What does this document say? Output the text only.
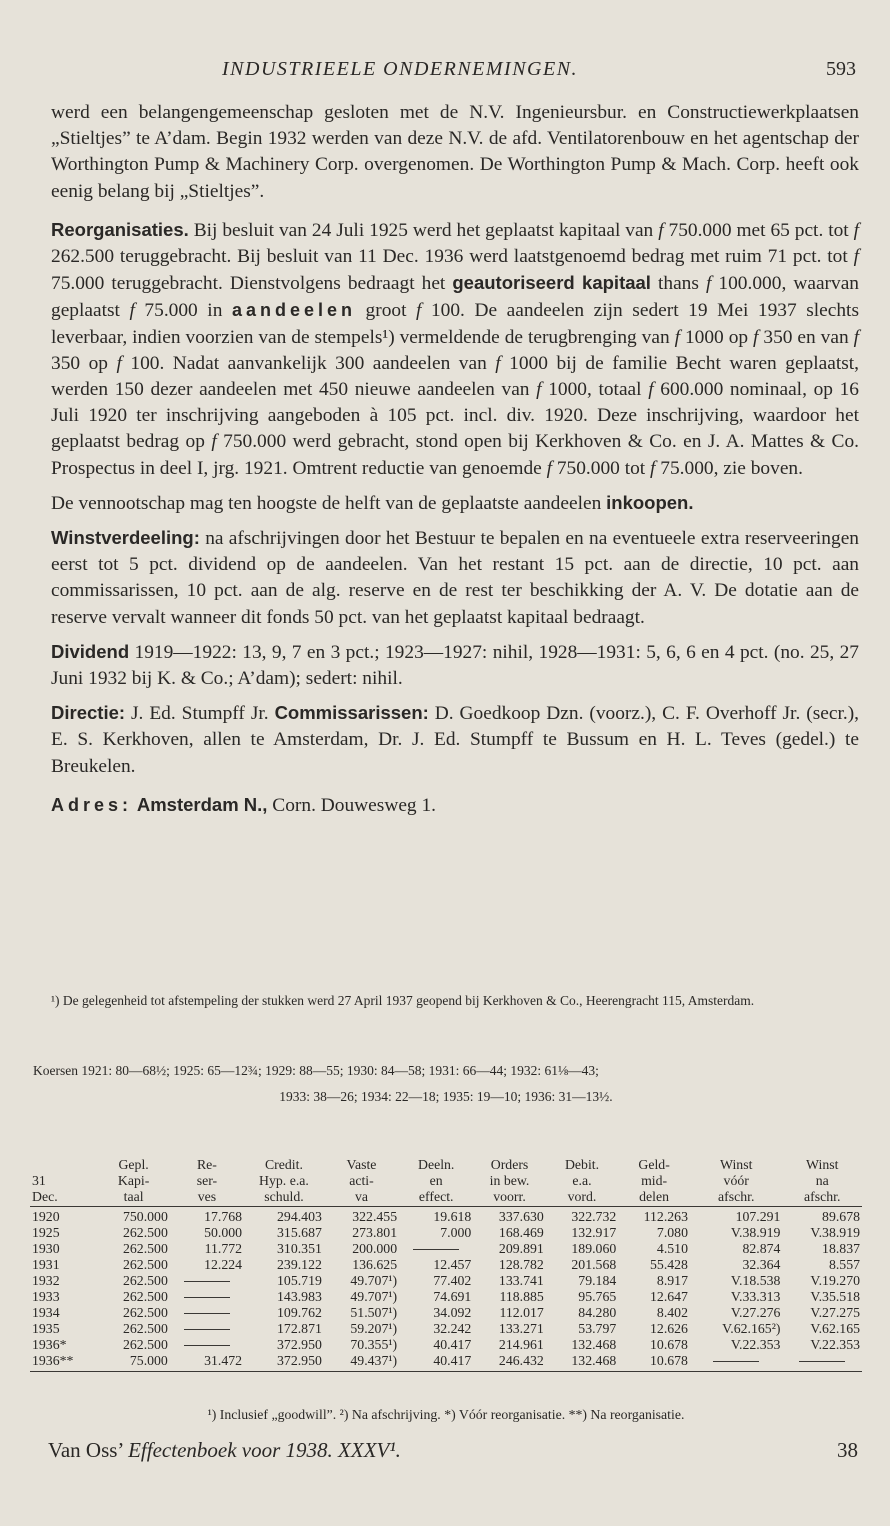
INDUSTRIEELE ONDERNEMINGEN.	593

werd een belangengemeenschap gesloten met de N.V. Ingenieursbur. en Constructiewerkplaatsen „Stieltjes” te A’dam. Begin 1932 werden van deze N.V. de afd. Ventilatorenbouw en het agentschap der Worthington Pump & Machinery Corp. overgenomen. De Worthington Pump & Mach. Corp. heeft ook eenig belang bij „Stieltjes”.

Reorganisaties. Bij besluit van 24 Juli 1925 werd het geplaatst kapitaal van f 750.000 met 65 pct. tot f 262.500 teruggebracht. Bij besluit van 11 Dec. 1936 werd laatstgenoemd bedrag met ruim 71 pct. tot f 75.000 teruggebracht. Dienstvolgens bedraagt het geautoriseerd kapitaal thans f 100.000, waarvan geplaatst f 75.000 in aandeelen groot f 100. De aandeelen zijn sedert 19 Mei 1937 slechts leverbaar, indien voorzien van de stempels¹) vermeldende de terugbrenging van f 1000 op f 350 en van f 350 op f 100. Nadat aanvankelijk 300 aandeelen van f 1000 bij de familie Becht waren geplaatst, werden 150 dezer aandeelen met 450 nieuwe aandeelen van f 1000, totaal f 600.000 nominaal, op 16 Juli 1920 ter inschrijving aangeboden à 105 pct. incl. div. 1920. Deze inschrijving, waardoor het geplaatst bedrag op f 750.000 werd gebracht, stond open bij Kerkhoven & Co. en J. A. Mattes & Co. Prospectus in deel I, jrg. 1921. Omtrent reductie van genoemde f 750.000 tot f 75.000, zie boven.

De vennootschap mag ten hoogste de helft van de geplaatste aandeelen inkoopen.

Winstverdeeling: na afschrijvingen door het Bestuur te bepalen en na eventueele extra reserveeringen eerst tot 5 pct. dividend op de aandeelen. Van het restant 15 pct. aan de directie, 10 pct. aan commissarissen, 10 pct. aan de alg. reserve en de rest ter beschikking der A. V. De dotatie aan de reserve vervalt wanneer dit fonds 50 pct. van het geplaatst kapitaal bedraagt.

Dividend 1919—1922: 13, 9, 7 en 3 pct.; 1923—1927: nihil, 1928—1931: 5, 6, 6 en 4 pct. (no. 25, 27 Juni 1932 bij K. & Co.; A’dam); sedert: nihil.

Directie: J. Ed. Stumpff Jr. Commissarissen: D. Goedkoop Dzn. (voorz.), C. F. Overhoff Jr. (secr.), E. S. Kerkhoven, allen te Amsterdam, Dr. J. Ed. Stumpff te Bussum en H. L. Teves (gedel.) te Breukelen.

Adres: Amsterdam N., Corn. Douwesweg 1.

¹) De gelegenheid tot afstempeling der stukken werd 27 April 1937 geopend bij Kerkhoven & Co., Heerengracht 115, Amsterdam.
Koersen 1921: 80—68½; 1925: 65—12¾; 1929: 88—55; 1930: 84—58; 1931: 66—44; 1932: 61⅛—43;
1933: 38—26; 1934: 22—18; 1935: 19—10; 1936: 31—13½.
	Gepl.	Re-	Credit.	Vaste	Deeln.	Orders	Debit.	Geld-	Winst	Winst
31	Kapi-	ser-	Hyp. e.a.	acti-	en	in bew.	e.a.	mid-	vóór	na
Dec.	taal	ves	schuld.	va	effect.	voorr.	vord.	delen	afschr.	afschr.
1920	750.000	17.768	294.403	322.455	19.618	337.630	322.732	112.263	107.291	89.678
1925	262.500	50.000	315.687	273.801	7.000	168.469	132.917	7.080	V.38.919	V.38.919
1930	262.500	11.772	310.351	200.000		209.891	189.060	4.510	82.874	18.837
1931	262.500	12.224	239.122	136.625	12.457	128.782	201.568	55.428	32.364	8.557
1932	262.500		105.719	49.707¹)	77.402	133.741	79.184	8.917	V.18.538	V.19.270
1933	262.500		143.983	49.707¹)	74.691	118.885	95.765	12.647	V.33.313	V.35.518
1934	262.500		109.762	51.507¹)	34.092	112.017	84.280	8.402	V.27.276	V.27.275
1935	262.500		172.871	59.207¹)	32.242	133.271	53.797	12.626	V.62.165²)	V.62.165
1936*	262.500		372.950	70.355¹)	40.417	214.961	132.468	10.678	V.22.353	V.22.353
1936**	75.000	31.472	372.950	49.437¹)	40.417	246.432	132.468	10.678		
¹) Inclusief „goodwill”. ²) Na afschrijving. *) Vóór reorganisatie. **) Na reorganisatie.
Van Oss’ Effectenboek voor 1938. XXXV¹.	38
